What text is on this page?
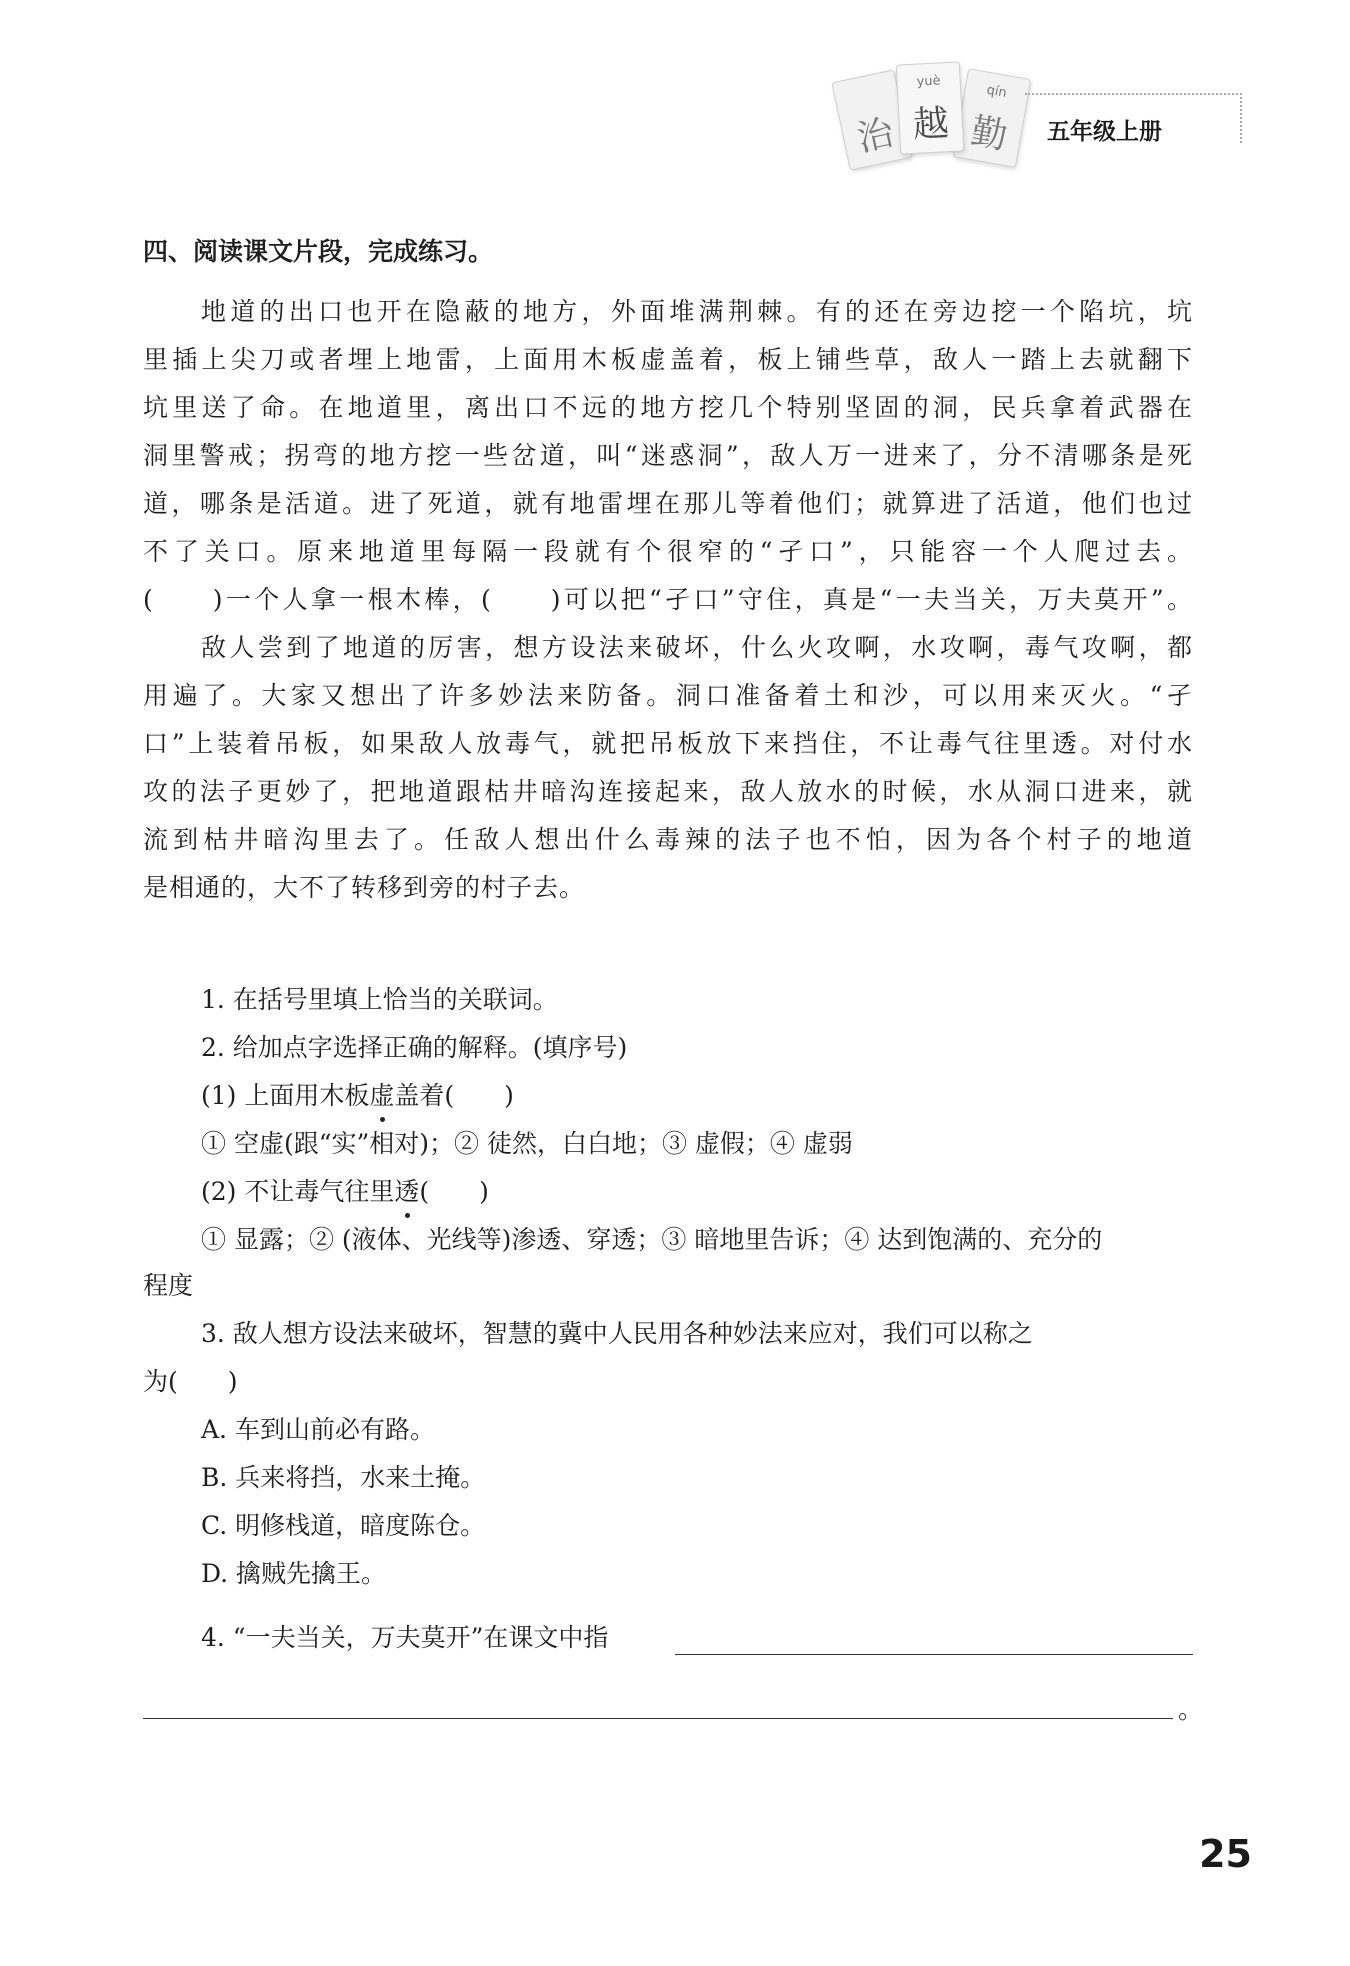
治
yuè
越
qín
勤	五年级上册
四、阅读课文片段，完成练习。
地道的出口也开在隐蔽的地方，外面堆满荆棘。有的还在旁边挖一个陷坑，坑
里插上尖刀或者埋上地雷，上面用木板虚盖着，板上铺些草，敌人一踏上去就翻下
坑里送了命。在地道里，离出口不远的地方挖几个特别坚固的洞，民兵拿着武器在
洞里警戒；拐弯的地方挖一些岔道，叫“迷惑洞”，敌人万一进来了，分不清哪条是死
道，哪条是活道。进了死道，就有地雷埋在那儿等着他们；就算进了活道，他们也过
不了关口。原来地道里每隔一段就有个很窄的“孑口”，只能容一个人爬过去。
(　　)一个人拿一根木棒，(　　)可以把“孑口”守住，真是“一夫当关，万夫莫开”。
敌人尝到了地道的厉害，想方设法来破坏，什么火攻啊，水攻啊，毒气攻啊，都
用遍了。大家又想出了许多妙法来防备。洞口准备着土和沙，可以用来灭火。“孑
口”上装着吊板，如果敌人放毒气，就把吊板放下来挡住，不让毒气往里透。对付水
攻的法子更妙了，把地道跟枯井暗沟连接起来，敌人放水的时候，水从洞口进来，就
流到枯井暗沟里去了。任敌人想出什么毒辣的法子也不怕，因为各个村子的地道
是相通的，大不了转移到旁的村子去。
1. 在括号里填上恰当的关联词。
2. 给加点字选择正确的解释。(填序号)
(1) 上面用木板虚盖着(　　)
① 空虚(跟“实”相对)；② 徒然，白白地；③ 虚假；④ 虚弱
(2) 不让毒气往里透(　　)
① 显露；② (液体、光线等)渗透、穿透；③ 暗地里告诉；④ 达到饱满的、充分的
程度
3. 敌人想方设法来破坏，智慧的冀中人民用各种妙法来应对，我们可以称之
为(　　)
A. 车到山前必有路。
B. 兵来将挡，水来土掩。
C. 明修栈道，暗度陈仓。
D. 擒贼先擒王。
4. “一夫当关，万夫莫开”在课文中指
。
25
